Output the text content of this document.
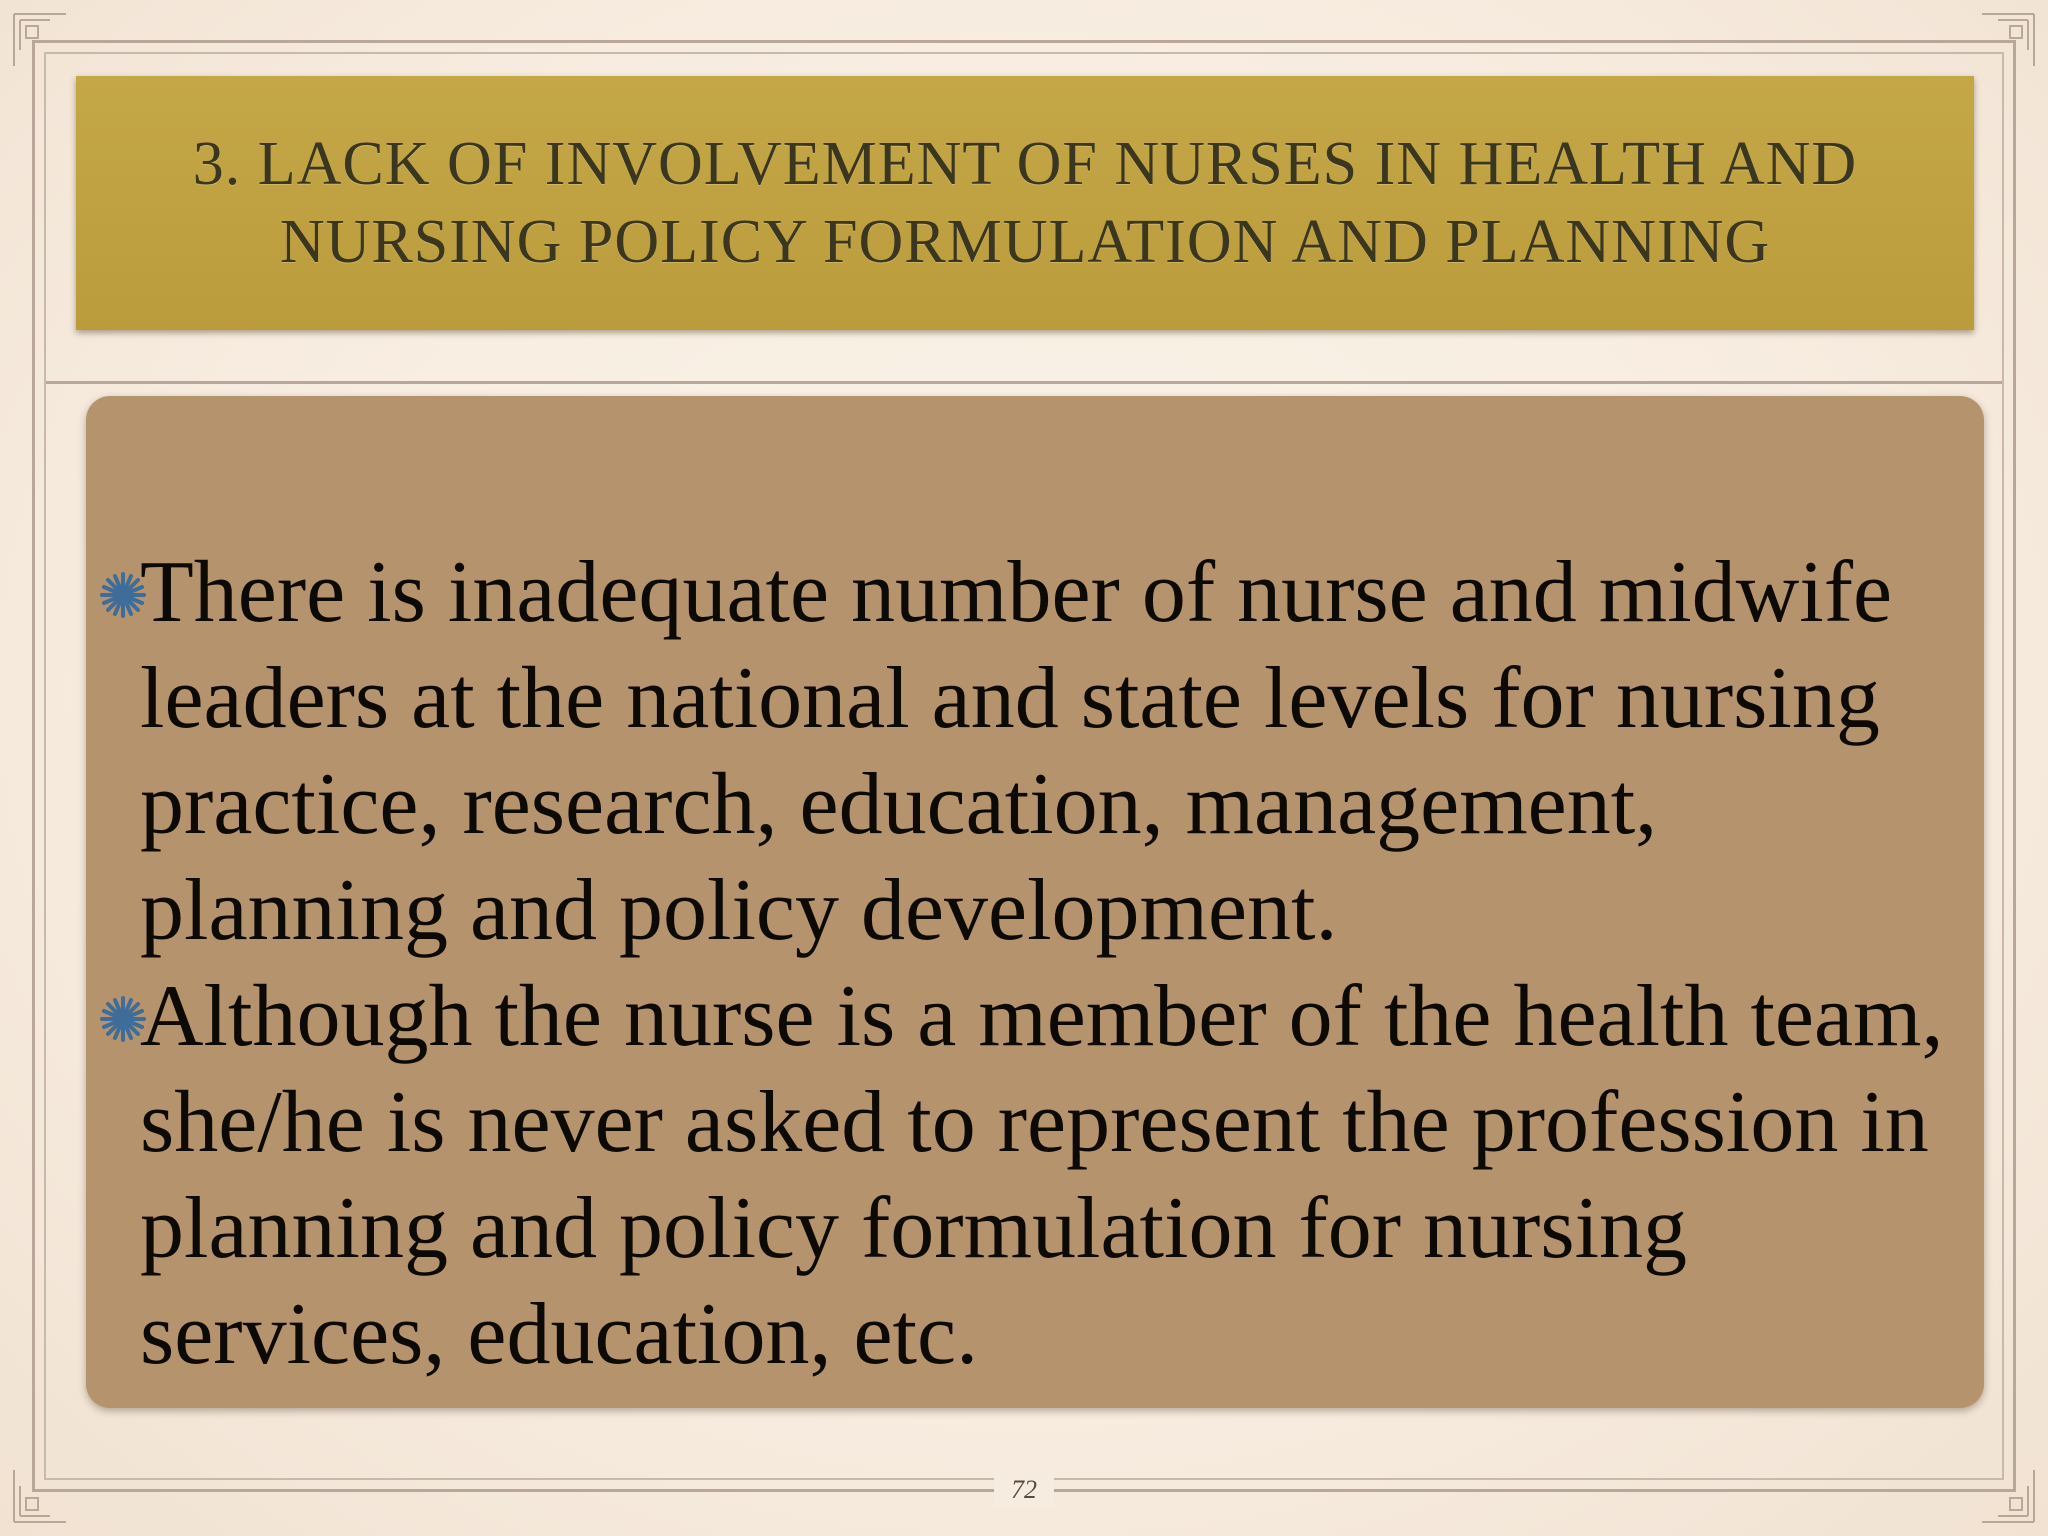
3. LACK OF INVOLVEMENT OF NURSES IN HEALTH AND NURSING POLICY FORMULATION AND PLANNING
There is inadequate number of nurse and midwife leaders at the national and state levels for nursing practice, research, education, management, planning and policy development.
Although the nurse is a member of the health team, she/he is never asked to represent the profession in planning and policy formulation for nursing services, education, etc.
72
